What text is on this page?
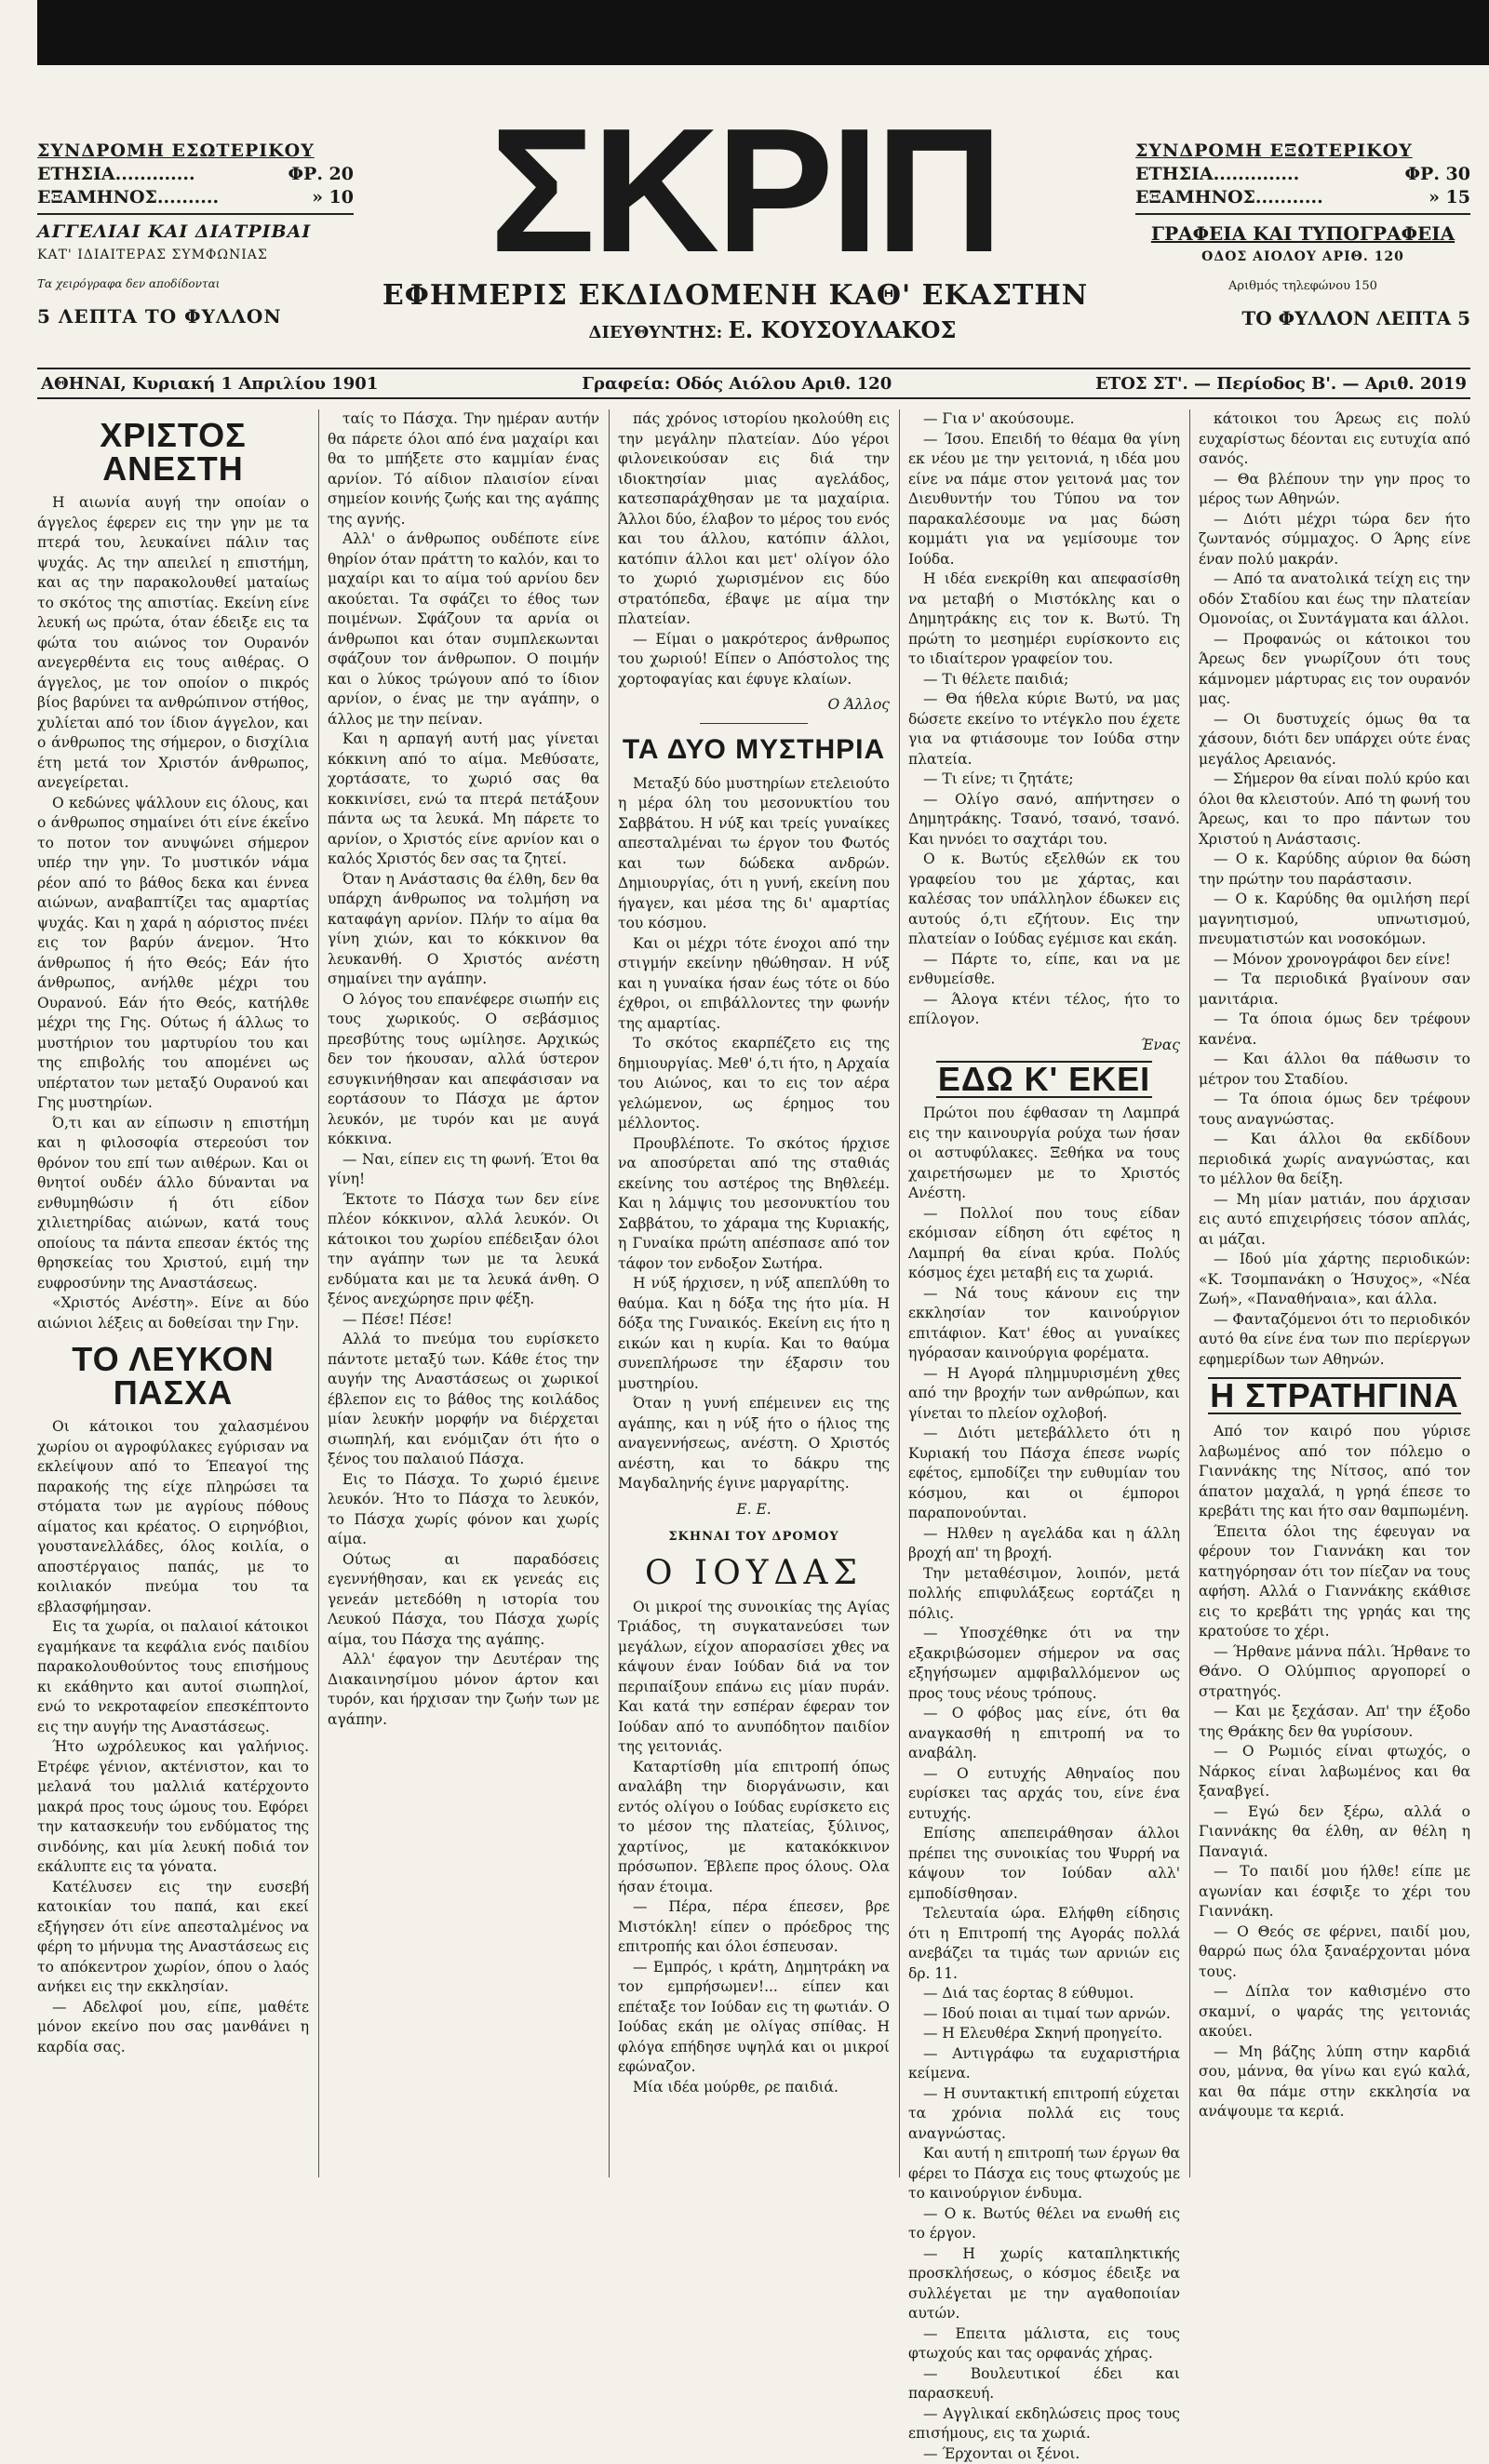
ΣΥΝΔΡΟΜΗ ΕΣΩΤΕΡΙΚΟΥ
ΕΤΗΣΙΑ.............	ΦΡ. 20
ΕΞΑΜΗΝΟΣ..........	» 10
ΑΓΓΕΛΙΑΙ ΚΑΙ ΔΙΑΤΡΙΒΑΙ
ΚΑΤ' ΙΔΙΑΙΤΕΡΑΣ ΣΥΜΦΩΝΙΑΣ
Τα χειρόγραφα δεν αποδίδονται
5 ΛΕΠΤΑ ΤΟ ΦΥΛΛΟΝ
ΣΚΡΙΠ
ΕΦΗΜΕΡΙΣ ΕΚΔΙΔΟΜΕΝΗ ΚΑΘ' ΕΚΑΣΤΗΝ
ΔΙΕΥΘΥΝΤΗΣ: Ε. ΚΟΥΣΟΥΛΑΚΟΣ
ΣΥΝΔΡΟΜΗ ΕΞΩΤΕΡΙΚΟΥ
ΕΤΗΣΙΑ..............	ΦΡ. 30
ΕΞΑΜΗΝΟΣ...........	» 15
ΓΡΑΦΕΙΑ ΚΑΙ ΤΥΠΟΓΡΑΦΕΙΑ
ΟΔΟΣ ΑΙΟΛΟΥ ΑΡΙΘ. 120
Αριθμός τηλεφώνου 150
ΤΟ ΦΥΛΛΟΝ ΛΕΠΤΑ 5
ΑΘΗΝΑΙ, Κυριακή 1 Απριλίου 1901	Γραφεία: Οδός Αιόλου Αριθ. 120	ΕΤΟΣ ΣΤ'. — Περίοδος Β'. — Αριθ. 2019
ΧΡΙΣΤΟΣ ΑΝΕΣΤΗ

Η αιωνία αυγή την οποίαν ο άγγελος έφερεν εις την γην με τα πτερά του, λευκαίνει πάλιν τας ψυχάς. Ας την απειλεί η επιστήμη, και ας την παρακολουθεί ματαίως το σκότος της απιστίας. Εκείνη είνε λευκή ως πρώτα, όταν έδειξε εις τα φώτα του αιώνος τον Ουρανόν ανεγερθέντα εις τους αιθέρας. Ο άγγελος, με τον οποίον ο πικρός βίος βαρύνει τα ανθρώπινον στήθος, χυλίεται από τον ίδιον άγγελον, και ο άνθρωπος της σήμερον, ο δισχίλια έτη μετά τον Χριστόν άνθρωπος, ανεγείρεται.

Ο κεδώνες ψάλλουν εις όλους, και ο άνθρωπος σημαίνει ότι είνε έκεΐνο το ποτον τον ανυψώνει σήμερον υπέρ την γην. Το μυστικόν νάμα ρέον από το βάθος δεκα και έννεα αιώνων, αναβαπτίζει τας αμαρτίας ψυχάς. Και η χαρά η αόριστος πνέει εις τον βαρύν άνεμον. Ήτο άνθρωπος ή ήτο Θεός; Εάν ήτο άνθρωπος, ανήλθε μέχρι του Ουρανού. Εάν ήτο Θεός, κατήλθε μέχρι της Γης. Ούτως ή άλλως το μυστήριον του μαρτυρίου του και της επιβολής του απομένει ως υπέρτατον των μεταξύ Ουρανού και Γης μυστηρίων.

Ό,τι και αν είπωσιν η επιστήμη και η φιλοσοφία στερεούσι τον θρόνον του επί των αιθέρων. Και οι θνητοί ουδέν άλλο δύνανται να ενθυμηθώσιν ή ότι είδον χιλιετηρίδας αιώνων, κατά τους οποίους τα πάντα επεσαν έκτός της θρησκείας του Χριστού, ειμή την ευφροσύνην της Αναστάσεως.

«Χριστός Ανέστη». Είνε αι δύο αιώνιοι λέξεις αι δοθείσαι την Γην.

ΤΟ ΛΕΥΚΟΝ ΠΑΣΧΑ

Οι κάτοικοι του χαλασμένου χωρίου οι αγροφύλακες εγύρισαν να εκλείψουν από το Έπεαγοί της παρακοής της είχε πληρώσει τα στόματα των με αγρίους πόθους αίματος και κρέατος. Ο ειρηνόβιοι, γουστανελλάδες, όλος κοιλία, ο αποστέργαιος παπάς, με το κοιλιακόν πνεύμα του τα εβλασφήμησαν.

Εις τα χωρία, οι παλαιοί κάτοικοι εγαμήκανε τα κεφάλια ενός παιδίου παρακολουθούντος τους επισήμους κι εκάθηντο και αυτοί σιωπηλοί, ενώ το νεκροταφείον επεσκέπτοντο εις την αυγήν της Αναστάσεως.

Ήτο ωχρόλευκος και γαλήνιος. Ετρέφε γένιον, ακτένιστον, και το μελανά του μαλλιά κατέρχοντο μακρά προς τους ώμους του. Εφόρει την κατασκευήν του ενδύματος της σινδόνης, και μία λευκή ποδιά τον εκάλυπτε εις τα γόνατα.

Κατέλυσεν εις την ευσεβή κατοικίαν του παπά, και εκεί εξήγησεν ότι είνε απεσταλμένος να φέρη το μήνυμα της Αναστάσεως εις το απόκεντρον χωρίον, όπου ο λαός ανήκει εις την εκκλησίαν.

— Αδελφοί μου, είπε, μαθέτε μόνον εκείνο που σας μανθάνει η καρδία σας.

ταίς το Πάσχα. Την ημέραν αυτήν θα πάρετε όλοι από ένα μαχαίρι και θα το μπήξετε στο καμμίαν ένας αρνίον. Τό αίδιον πλαισίον είναι σημείον κοινής ζωής και της αγάπης της αγνής.

Αλλ' ο άνθρωπος ουδέποτε είνε θηρίον όταν πράττη το καλόν, και το μαχαίρι και το αίμα τού αρνίου δεν ακούεται. Τα σφάζει το έθος των ποιμένων. Σφάζουν τα αρνία οι άνθρωποι και όταν συμπλεκωνται σφάζουν τον άνθρωπον. Ο ποιμήν και ο λύκος τρώγουν από το ίδιον αρνίον, ο ένας με την αγάπην, ο άλλος με την πείναν.

Και η αρπαγή αυτή μας γίνεται κόκκινη από το αίμα. Μεθύσατε, χορτάσατε, το χωριό σας θα κοκκινίσει, ενώ τα πτερά πετάξουν πάντα ως τα λευκά. Μη πάρετε το αρνίον, ο Χριστός είνε αρνίον και ο καλός Χριστός δεν σας τα ζητεί.

Όταν η Ανάστασις θα έλθη, δεν θα υπάρχη άνθρωπος να τολμήση να καταφάγη αρνίον. Πλήν το αίμα θα γίνη χιών, και το κόκκινον θα λευκανθή. Ο Χριστός ανέστη σημαίνει την αγάπην.

Ο λόγος του επανέφερε σιωπήν εις τους χωρικούς. Ο σεβάσμιος πρεσβύτης τους ωμίλησε. Αρχικώς δεν τον ήκουσαν, αλλά ύστερον εσυγκινήθησαν και απεφάσισαν να εορτάσουν το Πάσχα με άρτον λευκόν, με τυρόν και με αυγά κόκκινα.

— Ναι, είπεν εις τη φωνή. Έτοι θα γίνη!

Έκτοτε το Πάσχα των δεν είνε πλέον κόκκινον, αλλά λευκόν. Οι κάτοικοι του χωρίου επέδειξαν όλοι την αγάπην των με τα λευκά ενδύματα και με τα λευκά άνθη. Ο ξένος ανεχώρησε πριν φέξη.

— Πέσε! Πέσε!

Αλλά το πνεύμα του ευρίσκετο πάντοτε μεταξύ των. Κάθε έτος την αυγήν της Αναστάσεως οι χωρικοί έβλεπον εις το βάθος της κοιλάδος μίαν λευκήν μορφήν να διέρχεται σιωπηλή, και ενόμιζαν ότι ήτο ο ξένος του παλαιού Πάσχα.

Εις το Πάσχα. Το χωριό έμεινε λευκόν. Ήτο το Πάσχα το λευκόν, το Πάσχα χωρίς φόνον και χωρίς αίμα.

Ούτως αι παραδόσεις εγεννήθησαν, και εκ γενεάς εις γενεάν μετεδόθη η ιστορία του Λευκού Πάσχα, του Πάσχα χωρίς αίμα, του Πάσχα της αγάπης.

Αλλ' έφαγον την Δευτέραν της Διακαινησίμου μόνον άρτον και τυρόν, και ήρχισαν την ζωήν των με αγάπην.

πάς χρόνος ιστορίου ηκολούθη εις την μεγάλην πλατείαν. Δύο γέροι φιλονεικούσαν εις διά την ιδιοκτησίαν μιας αγελάδος, κατεσπαράχθησαν με τα μαχαίρια. Άλλοι δύο, έλαβον το μέρος του ενός και του άλλου, κατόπιν άλλοι, κατόπιν άλλοι και μετ' ολίγον όλο το χωριό χωρισμένον εις δύο στρατόπεδα, έβαψε με αίμα την πλατείαν.

— Είμαι ο μακρότερος άνθρωπος του χωριού! Είπεν ο Απόστολος της χορτοφαγίας και έφυγε κλαίων.

Ο Άλλος
ΤΑ ΔΥΟ ΜΥΣΤΗΡΙΑ

Μεταξύ δύο μυστηρίων ετελειούτο η μέρα όλη του μεσονυκτίου του Σαββάτου. Η νύξ και τρείς γυναίκες απεσταλμέναι τω έργον του Φωτός και των δώδεκα ανδρών. Δημιουργίας, ότι η γυνή, εκείνη που ήγαγεν, και μέσα της δι' αμαρτίας του κόσμου.

Και οι μέχρι τότε ένοχοι από την στιγμήν εκείνην ηθώθησαν. Η νύξ και η γυναίκα ήσαν έως τότε οι δύο έχθροι, οι επιβάλλοντες την φωνήν της αμαρτίας.

Το σκότος εκαρπέζετο εις της δημιουργίας. Μεθ' ό,τι ήτο, η Αρχαία του Αιώνος, και το εις τον αέρα γελώμενον, ως έρημος του μέλλοντος.

Προυβλέποτε. Το σκότος ήρχισε να αποσύρεται από της σταθιάς εκείνης του αστέρος της Βηθλεέμ. Και η λάμψις του μεσονυκτίου του Σαββάτου, το χάραμα της Κυριακής, η Γυναίκα πρώτη απέσπασε από τον τάφον τον ενδοξον Σωτήρα.

Η νύξ ήρχισεν, η νύξ απεπλύθη το θαύμα. Και η δόξα της ήτο μία. Η δόξα της Γυναικός. Εκείνη εις ήτο η εικών και η κυρία. Και το θαύμα συνεπλήρωσε την έξαρσιν του μυστηρίου.

Όταν η γυνή επέμεινεν εις της αγάπης, και η νύξ ήτο ο ήλιος της αναγεννήσεως, ανέστη. Ο Χριστός ανέστη, και το δάκρυ της Μαγδαληνής έγινε μαργαρίτης.

Ε. Ε.
ΣΚΗΝΑΙ ΤΟΥ ΔΡΟΜΟΥ
Ο ΙΟΥΔΑΣ

Οι μικροί της συνοικίας της Αγίας Τριάδος, τη συγκατανεύσει των μεγάλων, είχον απορασίσει χθες να κάψουν έναν Ιούδαν διά να τον περιπαίξουν επάνω εις μίαν πυράν. Και κατά την εσπέραν έφεραν τον Ιούδαν από το ανυπόδητον παιδίον της γειτονιάς.

Καταρτίσθη μία επιτροπή όπως αναλάβη την διοργάνωσιν, και εντός ολίγου ο Ιούδας ευρίσκετο εις το μέσον της πλατείας, ξύλινος, χαρτίνος, με κατακόκκινον πρόσωπον. Έβλεπε προς όλους. Ολα ήσαν έτοιμα.

— Πέρα, πέρα έπεσεν, βρε Μιστόκλη! είπεν ο πρόεδρος της επιτροπής και όλοι έσπευσαν.

— Εμπρός, ι κράτη, Δημητράκη να τον εμπρήσωμεν!... είπεν και επέταξε τον Ιούδαν εις τη φωτιάν. Ο Ιούδας εκάη με ολίγας σπίθας. Η φλόγα επήδησε υψηλά και οι μικροί εφώναζον.

Μία ιδέα μούρθε, ρε παιδιά.

— Για ν' ακούσουμε.

— Ίσου. Επειδή το θέαμα θα γίνη εκ νέου με την γειτονιά, η ιδέα μου είνε να πάμε στον γειτονά μας τον Διευθυντήν του Τύπου να τον παρακαλέσουμε να μας δώση κομμάτι για να γεμίσουμε τον Ιούδα.

Η ιδέα ενεκρίθη και απεφασίσθη να μεταβή ο Μιστόκλης και ο Δημητράκης εις τον κ. Βωτύ. Τη πρώτη το μεσημέρι ευρίσκοντο εις το ιδιαίτερον γραφείον του.

— Τι θέλετε παιδιά;

— Θα ήθελα κύριε Βωτύ, να μας δώσετε εκείνο το ντέγκλο που έχετε για να φτιάσουμε τον Ιούδα στην πλατεία.

— Τι είνε; τι ζητάτε;

— Ολίγο σανό, απήντησεν ο Δημητράκης. Τσανό, τσανό, τσανό. Και ηννόει το σαχτάρι του.

Ο κ. Βωτύς εξελθών εκ του γραφείου του με χάρτας, και καλέσας τον υπάλληλον έδωκεν εις αυτούς ό,τι εζήτουν. Εις την πλατείαν ο Ιούδας εγέμισε και εκάη.

— Πάρτε το, είπε, και να με ενθυμείσθε.

— Άλογα κτένι τέλος, ήτο το επίλογον.

Ένας
ΕΔΩ Κ' ΕΚΕΙ

Πρώτοι που έφθασαν τη Λαμπρά εις την καινουργία ρούχα των ήσαν οι αστυφύλακες. Ξεθήκα να τους χαιρετήσωμεν με το Χριστός Ανέστη.

— Πολλοί που τους είδαν εκόμισαν είδηση ότι εφέτος η Λαμπρή θα είναι κρύα. Πολύς κόσμος έχει μεταβή εις τα χωριά.

— Νά τους κάνουν εις την εκκλησίαν τον καινούργιον επιτάφιον. Κατ' έθος αι γυναίκες ηγόρασαν καινούργια φορέματα.

— Η Αγορά πλημμυρισμένη χθες από την βροχήν των ανθρώπων, και γίνεται το πλείον οχλοβοή.

— Διότι μετεβάλλετο ότι η Κυριακή του Πάσχα έπεσε νωρίς εφέτος, εμποδίζει την ευθυμίαν του κόσμου, και οι έμποροι παραπονούνται.

— Ηλθεν η αγελάδα και η άλλη βροχή απ' τη βροχή.

Την μεταθέσιμον, λοιπόν, μετά πολλής επιφυλάξεως εορτάζει η πόλις.

— Υποσχέθηκε ότι να την εξακριβώσομεν σήμερον να σας εξηγήσωμεν αμφιβαλλόμενον ως προς τους νέους τρόπους.

— Ο φόβος μας είνε, ότι θα αναγκασθή η επιτροπή να το αναβάλη.

— Ο ευτυχής Αθηναίος που ευρίσκει τας αρχάς του, είνε ένα ευτυχής.

Επίσης απεπειράθησαν άλλοι πρέπει της συνοικίας του Ψυρρή να κάψουν τον Ιούδαν αλλ' εμποδίσθησαν.

Τελευταία ώρα. Ελήφθη είδησις ότι η Επιτροπή της Αγοράς πολλά ανεβάζει τα τιμάς των αρνιών εις δρ. 11.

— Διά τας έορτας 8 εύθυμοι.

— Ιδού ποιαι αι τιμαί των αρνών.

— Η Ελευθέρα Σκηνή προηγείτο.

— Αντιγράφω τα ευχαριστήρια κείμενα.

— Η συντακτική επιτροπή εύχεται τα χρόνια πολλά εις τους αναγνώστας.

Και αυτή η επιτροπή των έργων θα φέρει το Πάσχα εις τους φτωχούς με το καινούργιον ένδυμα.

— Ο κ. Βωτύς θέλει να ενωθή εις το έργον.

— Η χωρίς καταπληκτικής προσκλήσεως, ο κόσμος έδειξε να συλλέγεται με την αγαθοποιίαν αυτών.

— Επειτα μάλιστα, εις τους φτωχούς και τας ορφανάς χήρας.

— Βουλευτικοί έδει και παρασκευή.

— Αγγλικαί εκδηλώσεις προς τους επισήμους, εις τα χωριά.

— Έρχονται οι ξένοι.

κάτοικοι του Άρεως εις πολύ ευχαρίστως δέονται εις ευτυχία από σανός.

— Θα βλέπουν την γην προς το μέρος των Αθηνών.

— Διότι μέχρι τώρα δεν ήτο ζωντανός σύμμαχος. Ο Άρης είνε έναν πολύ μακράν.

— Από τα ανατολικά τείχη εις την οδόν Σταδίου και έως την πλατείαν Ομονοίας, οι Συντάγματα και άλλοι.

— Προφανώς οι κάτοικοι του Άρεως δεν γνωρίζουν ότι τους κάμνομεν μάρτυρας εις τον ουρανόν μας.

— Οι δυστυχείς όμως θα τα χάσουν, διότι δεν υπάρχει ούτε ένας μεγάλος Αρειανός.

— Σήμερον θα είναι πολύ κρύο και όλοι θα κλειστούν. Από τη φωνή του Άρεως, και το προ πάντων του Χριστού η Ανάστασις.

— Ο κ. Καρύδης αύριον θα δώση την πρώτην του παράστασιν.

— Ο κ. Καρύδης θα ομιλήση περί μαγνητισμού, υπνωτισμού, πνευματιστών και νοσοκόμων.

— Μόνον χρονογράφοι δεν είνε!

— Τα περιοδικά βγαίνουν σαν μανιτάρια.

— Τα όποια όμως δεν τρέφουν κανένα.

— Και άλλοι θα πάθωσιν το μέτρον του Σταδίου.

— Τα όποια όμως δεν τρέφουν τους αναγνώστας.

— Και άλλοι θα εκδίδουν περιοδικά χωρίς αναγνώστας, και το μέλλον θα δείξη.

— Μη μίαν ματιάν, που άρχισαν εις αυτό επιχειρήσεις τόσον απλάς, αι μάζαι.

— Ιδού μία χάρτης περιοδικών: «Κ. Τσομπανάκη ο Ήσυχος», «Νέα Ζωή», «Παναθήναια», και άλλα.

— Φανταζόμενοι ότι το περιοδικόν αυτό θα είνε ένα των πιο περίεργων εφημερίδων των Αθηνών.

Η ΣΤΡΑΤΗΓΙΝΑ

Από τον καιρό που γύρισε λαβωμένος από τον πόλεμο ο Γιαννάκης της Νίτσος, από τον άπατον μαχαλά, η γρηά έπεσε το κρεβάτι της και ήτο σαν θαμπωμένη.

Έπειτα όλοι της έφευγαν να φέρουν τον Γιαννάκη και τον κατηγόρησαν ότι τον πίεζαν να τους αφήση. Αλλά ο Γιαννάκης εκάθισε εις το κρεβάτι της γρηάς και της κρατούσε το χέρι.

— Ήρθανε μάννα πάλι. Ήρθανε το Θάνο. Ο Ολύμπιος αργοπορεί ο στρατηγός.

— Και με ξεχάσαν. Απ' την έξοδο της Θράκης δεν θα γυρίσουν.

— Ο Ρωμιός είναι φτωχός, ο Νάρκος είναι λαβωμένος και θα ξαναβγεί.

— Εγώ δεν ξέρω, αλλά ο Γιαννάκης θα έλθη, αν θέλη η Παναγιά.

— Το παιδί μου ήλθε! είπε με αγωνίαν και έσφιξε το χέρι του Γιαννάκη.

— Ο Θεός σε φέρνει, παιδί μου, θαρρώ πως όλα ξαναέρχονται μόνα τους.

— Δίπλα τον καθισμένο στο σκαμνί, ο ψαράς της γειτονιάς ακούει.

— Μη βάζης λύπη στην καρδιά σου, μάννα, θα γίνω και εγώ καλά, και θα πάμε στην εκκλησία να ανάψουμε τα κεριά.
